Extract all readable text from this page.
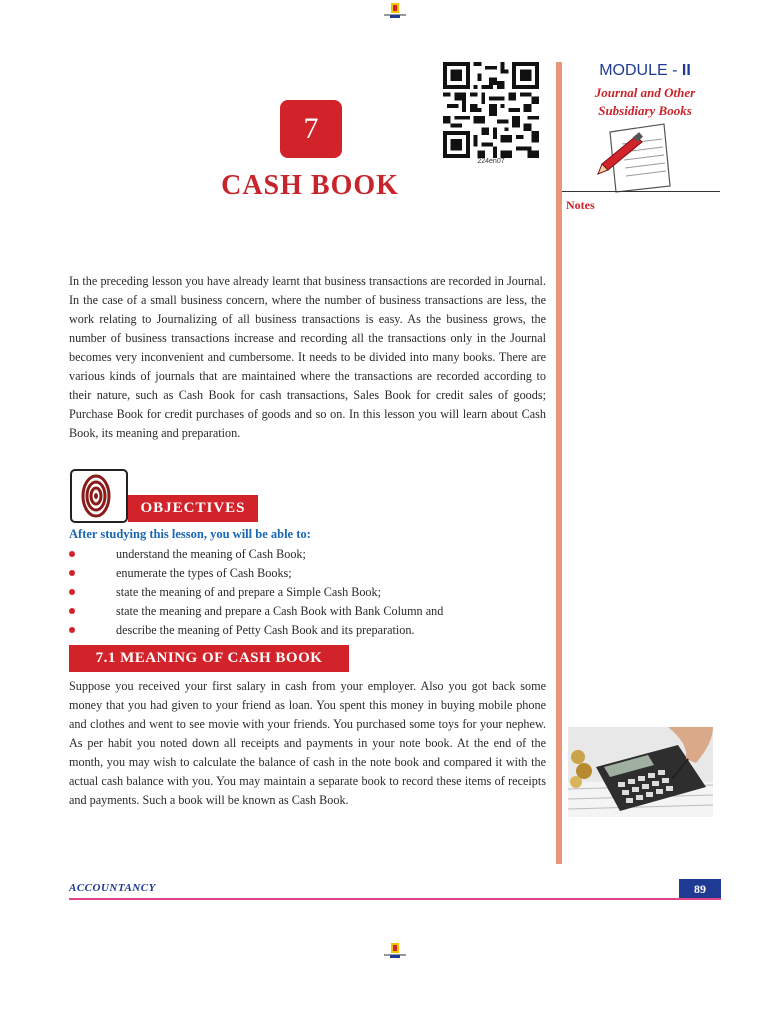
7
CASH BOOK
224en07
MODULE - II
Journal and Other
Subsidiary Books
Notes
In the preceding lesson you have already learnt that business transactions are recorded in Journal. In the case of a small business concern, where the number of business transactions are less, the work relating to Journalizing of all business transactions is easy. As the business grows, the number of business transactions increase and recording all the transactions only in the Journal becomes very inconvenient and cumbersome. It needs to be divided into many books. There are various kinds of journals that are maintained where the transactions are recorded according to their nature, such as Cash Book for cash transactions, Sales Book for credit sales of goods; Purchase Book for credit purchases of goods and so on. In this lesson you will learn about Cash Book, its meaning and preparation.
OBJECTIVES
After studying this lesson, you will be able to:
understand the meaning of Cash Book;
enumerate the types of Cash Books;
state the meaning of and prepare a Simple Cash Book;
state the meaning and prepare a Cash Book with Bank Column and
describe the meaning of Petty Cash Book and its preparation.
7.1 MEANING OF CASH BOOK
Suppose you received your first salary in cash from your employer. Also you got back some money that you had given to your friend as loan. You spent this money in buying mobile phone and clothes and went to see movie with your friends. You purchased some toys for your nephew. As per habit you noted down all receipts and payments in your note book. At the end of the month, you may wish to calculate the balance of cash in the note book and compared it with the actual cash balance with you. You may maintain a separate book to record these items of receipts and payments. Such a book will be known as Cash Book.
ACCOUNTANCY	89
